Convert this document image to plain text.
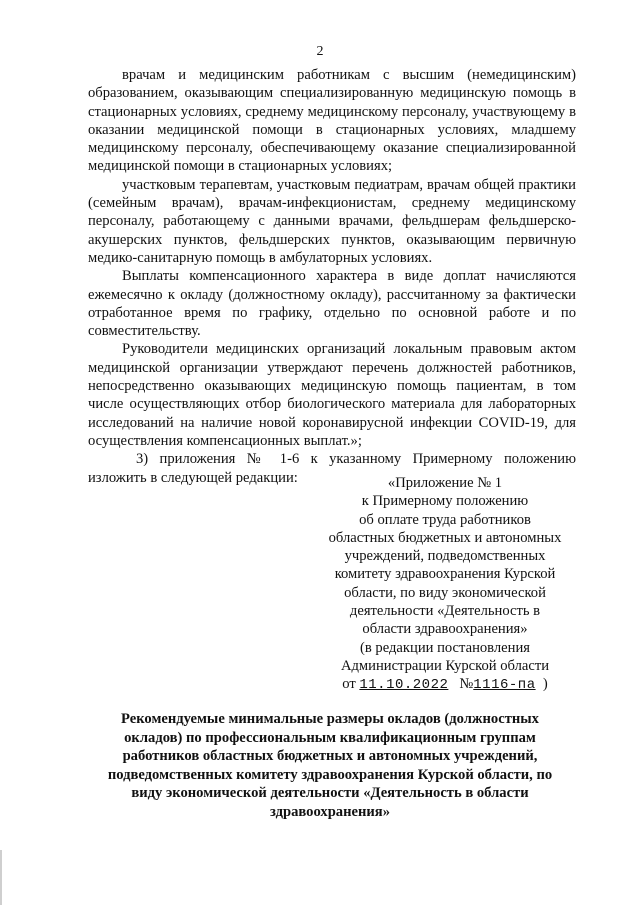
2

врачам и медицинским работникам с высшим (немедицинским) образованием, оказывающим специализированную медицинскую помощь в стационарных условиях, среднему медицинскому персоналу, участвующему в оказании медицинской помощи в стационарных условиях, младшему медицинскому персоналу, обеспечивающему оказание специализированной медицинской помощи в стационарных условиях;

участковым терапевтам, участковым педиатрам, врачам общей практики (семейным врачам), врачам-инфекционистам, среднему медицинскому персоналу, работающему с данными врачами, фельдшерам фельдшерско-акушерских пунктов, фельдшерских пунктов, оказывающим первичную медико-санитарную помощь в амбулаторных условиях.

Выплаты компенсационного характера в виде доплат начисляются ежемесячно к окладу (должностному окладу), рассчитанному за фактически отработанное время по графику, отдельно по основной работе и по совместительству.

Руководители медицинских организаций локальным правовым актом медицинской организации утверждают перечень должностей работников, непосредственно оказывающих медицинскую помощь пациентам, в том числе осуществляющих отбор биологического материала для лабораторных исследований на наличие новой коронавирусной инфекции COVID-19, для осуществления компенсационных выплат.»;

3) приложения № 1-6 к указанному Примерному положению изложить в следующей редакции:	«Приложение № 1
к Примерному положению
об оплате труда работников
областных бюджетных и автономных
учреждений, подведомственных
комитету здравоохранения Курской
области, по виду экономической
деятельности «Деятельность в
области здравоохранения»
(в редакции постановления
Администрации Курской области
от 11.10.2022 №1116-па )
Рекомендуемые минимальные размеры окладов (должностных
окладов) по профессиональным квалификационным группам
работников областных бюджетных и автономных учреждений,
подведомственных комитету здравоохранения Курской области, по
виду экономической деятельности «Деятельность в области
здравоохранения»
